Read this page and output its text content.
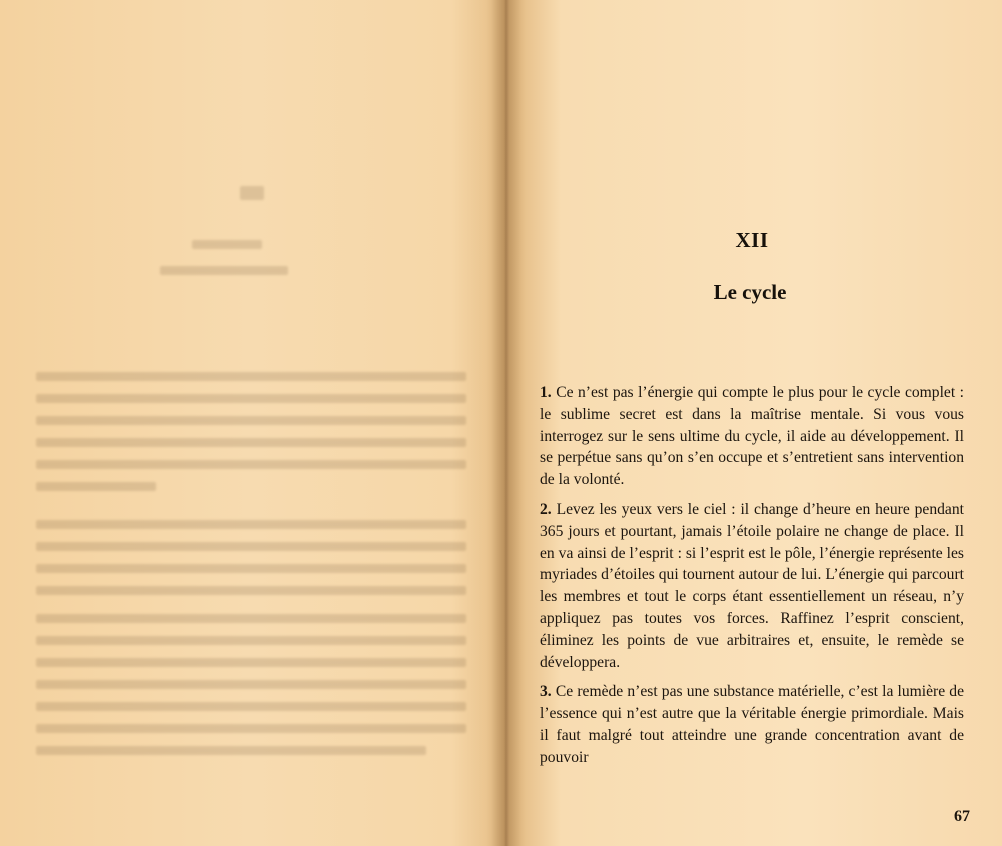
XII
Le cycle

1. Ce n’est pas l’énergie qui compte le plus pour le cycle complet : le sublime secret est dans la maîtrise mentale. Si vous vous interrogez sur le sens ultime du cycle, il aide au développement. Il se perpétue sans qu’on s’en occupe et s’entretient sans intervention de la volonté.

2. Levez les yeux vers le ciel : il change d’heure en heure pendant 365 jours et pourtant, jamais l’étoile polaire ne change de place. Il en va ainsi de l’esprit : si l’esprit est le pôle, l’énergie représente les myriades d’étoiles qui tournent autour de lui. L’énergie qui parcourt les membres et tout le corps étant essentiellement un réseau, n’y appliquez pas toutes vos forces. Raffinez l’esprit conscient, éliminez les points de vue arbitraires et, ensuite, le remède se développera.

3. Ce remède n’est pas une substance matérielle, c’est la lumière de l’essence qui n’est autre que la véritable énergie primordiale. Mais il faut malgré tout atteindre une grande concentration avant de pouvoir

67
